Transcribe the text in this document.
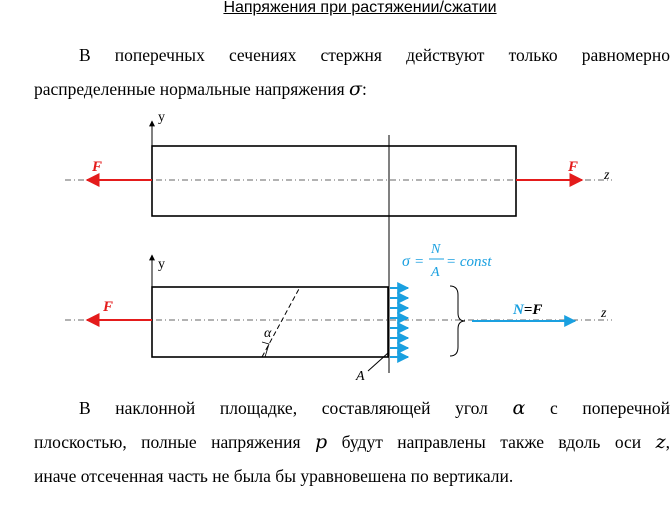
Напряжения при растяжении/сжатии
В поперечных сечениях стержня действуют только равномерно
распределенные нормальные напряжения σ:
y
z
F	F
y
z
F
α
A
N=F
σ =
N
A
= const
В наклонной площадке, составляющей угол α с поперечной
плоскостью, полные напряжения p будут направлены также вдоль оси z,
иначе отсеченная часть не была бы уравновешена по вертикали.
